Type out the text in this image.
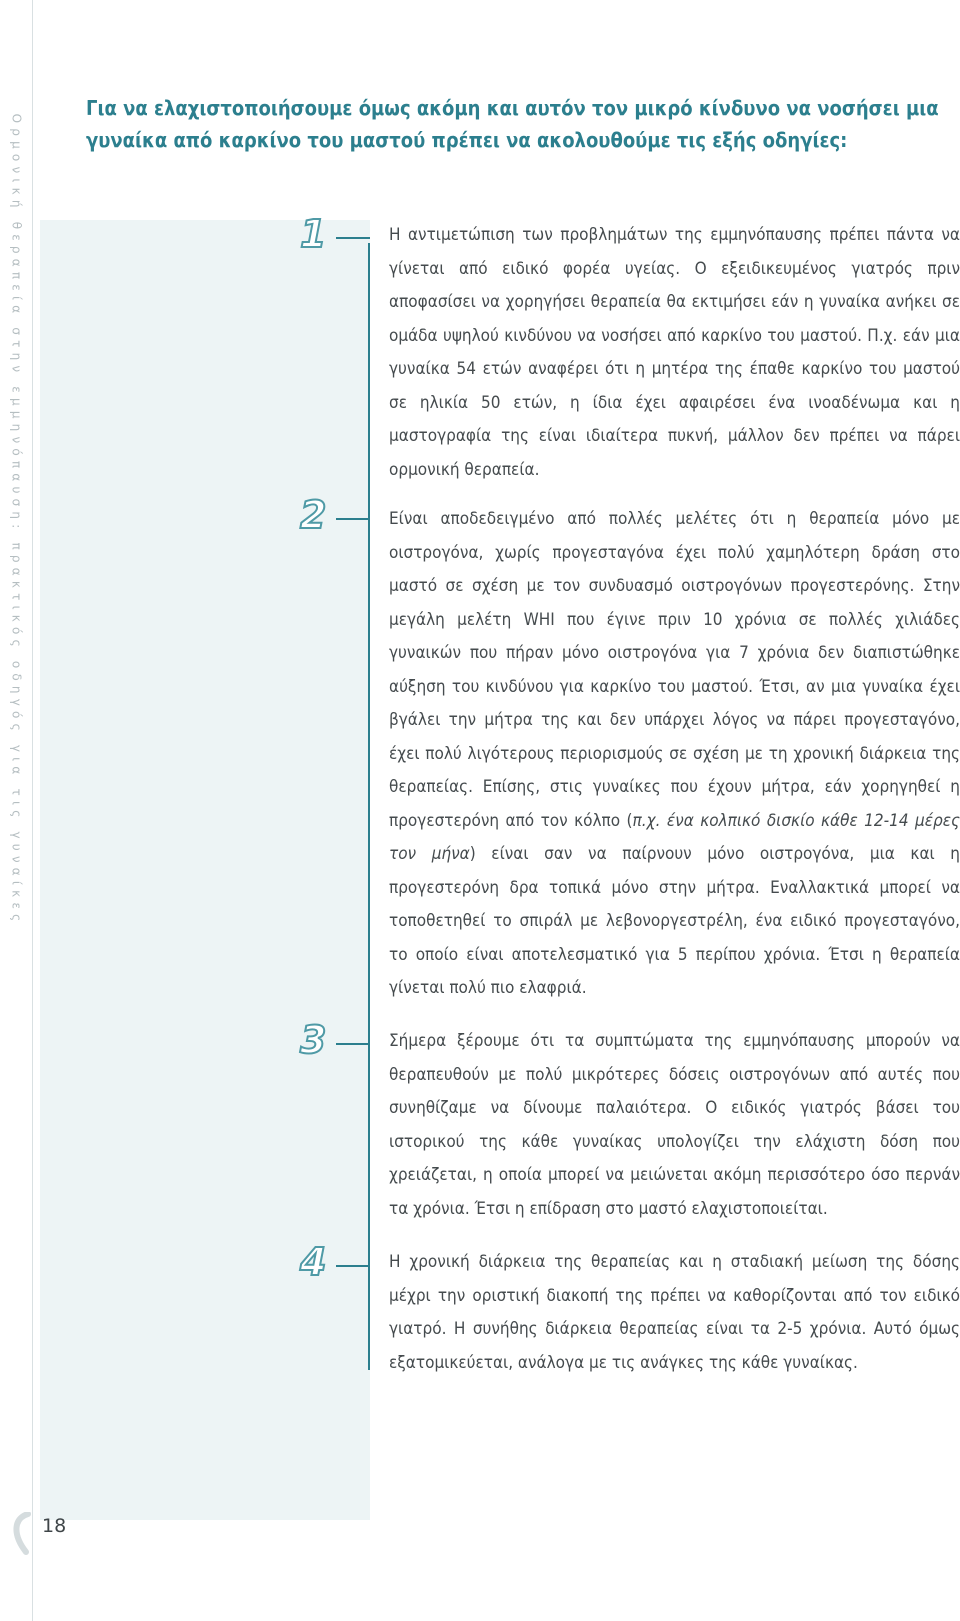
Ορμονική θεραπεία στην εμμηνόπαυση: πρακτικός οδηγός για τις γυναίκες

Για να ελαχιστοποιήσουμε όμως ακόμη και αυτόν τον μικρό κίνδυνο να νοσήσει μια γυναίκα από καρκίνο του μαστού πρέπει να ακολουθούμε τις εξής οδηγίες:

1	Η αντιμετώπιση των προβλημάτων της εμμηνόπαυσης πρέπει πάντα να γίνεται από ειδικό φορέα υγείας. Ο εξειδικευμένος γιατρός πριν αποφασίσει να χορηγήσει θεραπεία θα εκτιμήσει εάν η γυναίκα ανήκει σε ομάδα υψηλού κινδύνου να νοσήσει από καρκίνο του μαστού. Π.χ. εάν μια γυναίκα 54 ετών αναφέρει ότι η μητέρα της έπαθε καρκίνο του μαστού σε ηλικία 50 ετών, η ίδια έχει αφαιρέσει ένα ινοαδένωμα και η μαστογραφία της είναι ιδιαίτερα πυκνή, μάλλον δεν πρέπει να πάρει ορμονική θεραπεία.

2	Είναι αποδεδειγμένο από πολλές μελέτες ότι η θεραπεία μόνο με οιστρογόνα, χωρίς προγεσταγόνα έχει πολύ χαμηλότερη δράση στο μαστό σε σχέση με τον συνδυασμό οιστρογόνων προγεστερόνης. Στην μεγάλη μελέτη WHI που έγινε πριν 10 χρόνια σε πολλές χιλιάδες γυναικών που πήραν μόνο οιστρογόνα για 7 χρόνια δεν διαπιστώθηκε αύξηση του κινδύνου για καρκίνο του μαστού. Έτσι, αν μια γυναίκα έχει βγάλει την μήτρα της και δεν υπάρχει λόγος να πάρει προγεσταγόνο, έχει πολύ λιγότερους περιορισμούς σε σχέση με τη χρονική διάρκεια της θεραπείας. Επίσης, στις γυναίκες που έχουν μήτρα, εάν χορηγηθεί η προγεστερόνη από τον κόλπο (π.χ. ένα κολπικό δισκίο κάθε 12-14 μέρες τον μήνα) είναι σαν να παίρνουν μόνο οιστρογόνα, μια και η προγεστερόνη δρα τοπικά μόνο στην μήτρα. Εναλλακτικά μπορεί να τοποθετηθεί το σπιράλ με λεβονοργεστρέλη, ένα ειδικό προγεσταγόνο, το οποίο είναι αποτελεσματικό για 5 περίπου χρόνια. Έτσι η θεραπεία γίνεται πολύ πιο ελαφριά.

3	Σήμερα ξέρουμε ότι τα συμπτώματα της εμμηνόπαυσης μπορούν να θεραπευθούν με πολύ μικρότερες δόσεις οιστρογόνων από αυτές που συνηθίζαμε να δίνουμε παλαιότερα. Ο ειδικός γιατρός βάσει του ιστορικού της κάθε γυναίκας υπολογίζει την ελάχιστη δόση που χρειάζεται, η οποία μπορεί να μειώνεται ακόμη περισσότερο όσο περνάν τα χρόνια. Έτσι η επίδραση στο μαστό ελαχιστοποιείται.

4	Η χρονική διάρκεια της θεραπείας και η σταδιακή μείωση της δόσης μέχρι την οριστική διακοπή της πρέπει να καθορίζονται από τον ειδικό γιατρό. Η συνήθης διάρκεια θεραπείας είναι τα 2-5 χρόνια. Αυτό όμως εξατομικεύεται, ανάλογα με τις ανάγκες της κάθε γυναίκας.

18
